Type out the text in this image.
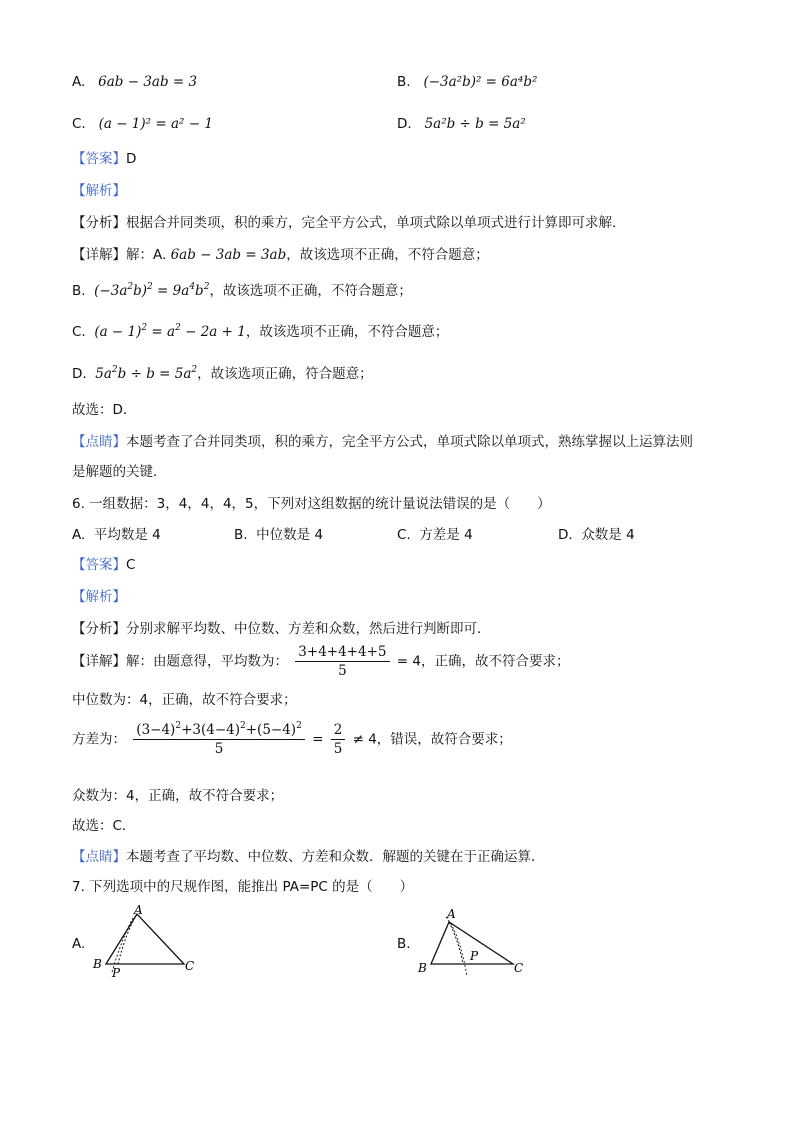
A. 6ab − 3ab = 3	B. (−3a²b)² = 6a⁴b²
C. (a − 1)² = a² − 1	D. 5a²b ÷ b = 5a²
【答案】D
【解析】
【分析】根据合并同类项，积的乘方，完全平方公式，单项式除以单项式进行计算即可求解．
【详解】解：A. 6ab − 3ab = 3ab，故该选项不正确，不符合题意；
B. $(-3a^2b)^2 = 9a^4b^2$，故该选项不正确，不符合题意；
C. $(a - 1)^2 = a^2 - 2a + 1$，故该选项不正确，不符合题意；
D. $5a^2b \div b = 5a^2$，故该选项正确，符合题意；
故选：D．
【点睛】本题考查了合并同类项，积的乘方，完全平方公式，单项式除以单项式，熟练掌握以上运算法则
是解题的关键．
6. 一组数据：3，4，4，4，5，下列对这组数据的统计量说法错误的是（　　）
A. 平均数是 4	B. 中位数是 4	C. 方差是 4	D. 众数是 4
【答案】C
【解析】
【分析】分别求解平均数、中位数、方差和众数，然后进行判断即可．
【详解】解：由题意得，平均数为： $\frac{3+4+4+4+5}{5} = 4$，正确，故不符合要求；
中位数为：4，正确，故不符合要求；
方差为： $\frac{(3-4)^2+3(4-4)^2+(5-4)^2}{5} = \frac{2}{5} \ne 4$，错误，故符合要求；
众数为：4，正确，故不符合要求；
故选：C．
【点睛】本题考查了平均数、中位数、方差和众数．解题的关键在于正确运算．
7. 下列选项中的尺规作图，能推出 PA=PC 的是（　　）
A.	B.
A
B	C
P
A
B	C
P
